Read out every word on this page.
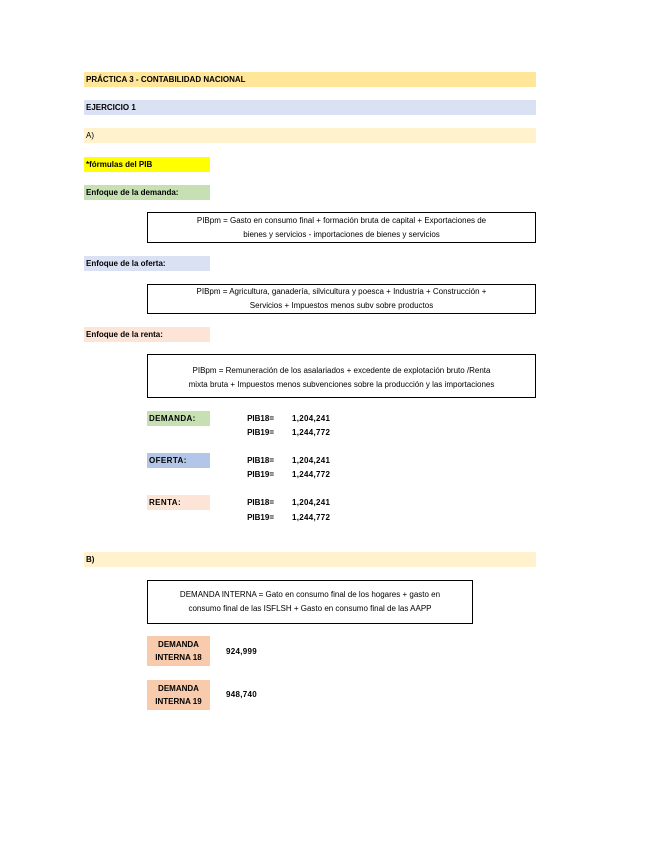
PRÁCTICA 3 - CONTABILIDAD NACIONAL
EJERCICIO 1
A)
*fórmulas del PIB
Enfoque de la demanda:
PIBpm = Gasto en consumo final + formación bruta de capital + Exportaciones de
bienes y servicios - importaciones de bienes y servicios
Enfoque de la oferta:
PIBpm = Agricultura, ganadería, silvicultura y poesca + Industria + Construcción +
Servicios + Impuestos menos subv sobre productos
Enfoque de la renta:
PIBpm = Remuneración de los asalariados + excedente de explotación bruto /Renta
mixta bruta + Impuestos menos subvenciones sobre la producción y las importaciones
DEMANDA:	PIB18= 1,204,241
PIB19= 1,244,772
OFERTA:	PIB18= 1,204,241
PIB19= 1,244,772
RENTA:	PIB18= 1,204,241
PIB19= 1,244,772
B)
DEMANDA INTERNA = Gato en consumo final de los hogares + gasto en
consumo final de las ISFLSH + Gasto en consumo final de las AAPP
DEMANDA
INTERNA 18
924,999
DEMANDA
INTERNA 19
948,740
